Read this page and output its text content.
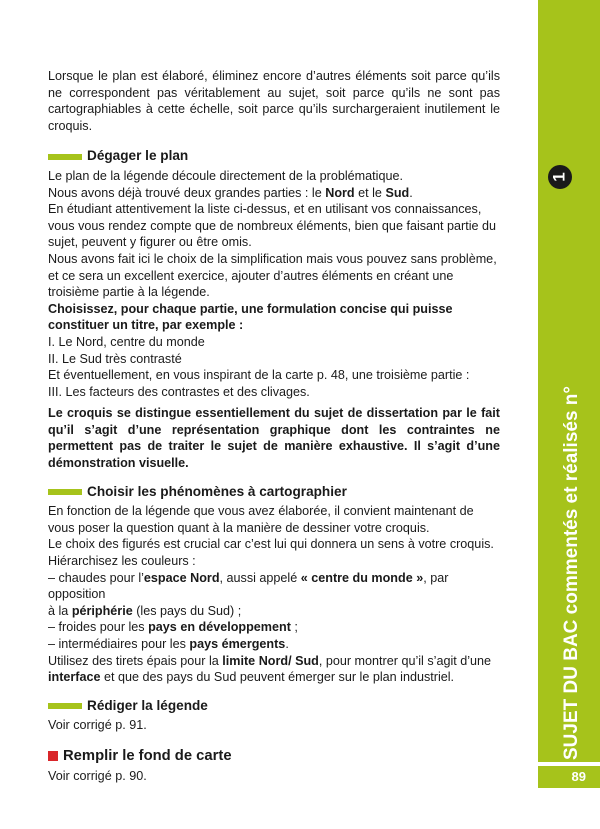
SUJET DU BAC commentés et réalisés n°
1
89

Lorsque le plan est élaboré, éliminez encore d’autres éléments soit parce qu’ils ne correspondent pas véritablement au sujet, soit parce qu’ils ne sont pas cartographiables à cette échelle, soit parce qu’ils surchargeraient inutilement le croquis.

Dégager le plan

Le plan de la légende découle directement de la problématique.

Nous avons déjà trouvé deux grandes parties : le Nord et le Sud.

En étudiant attentivement la liste ci-dessus, et en utilisant vos connaissances, vous vous rendez compte que de nombreux éléments, bien que faisant partie du sujet, peuvent y figurer ou être omis.

Nous avons fait ici le choix de la simplification mais vous pouvez sans problème, et ce sera un excellent exercice, ajouter d’autres éléments en créant une troisième partie à la légende.

Choisissez, pour chaque partie, une formulation concise qui puisse constituer un titre, par exemple :

I. Le Nord, centre du monde

II. Le Sud très contrasté

Et éventuellement, en vous inspirant de la carte p. 48, une troisième partie :

III. Les facteurs des contrastes et des clivages.

Le croquis se distingue essentiellement du sujet de dissertation par le fait qu’il s’agit d’une représentation graphique dont les contraintes ne permettent pas de traiter le sujet de manière exhaustive. Il s’agit d’une démonstration visuelle.

Choisir les phénomènes à cartographier

En fonction de la légende que vous avez élaborée, il convient maintenant de vous poser la question quant à la manière de dessiner votre croquis.

Le choix des figurés est crucial car c’est lui qui donnera un sens à votre croquis.

Hiérarchisez les couleurs :

– chaudes pour l’espace Nord, aussi appelé « centre du monde », par opposition

à la périphérie (les pays du Sud) ;

– froides pour les pays en développement ;

– intermédiaires pour les pays émergents.

Utilisez des tirets épais pour la limite Nord/ Sud, pour montrer qu’il s’agit d’une

interface et que des pays du Sud peuvent émerger sur le plan industriel.

Rédiger la légende

Voir corrigé p. 91.

Remplir le fond de carte

Voir corrigé p. 90.
